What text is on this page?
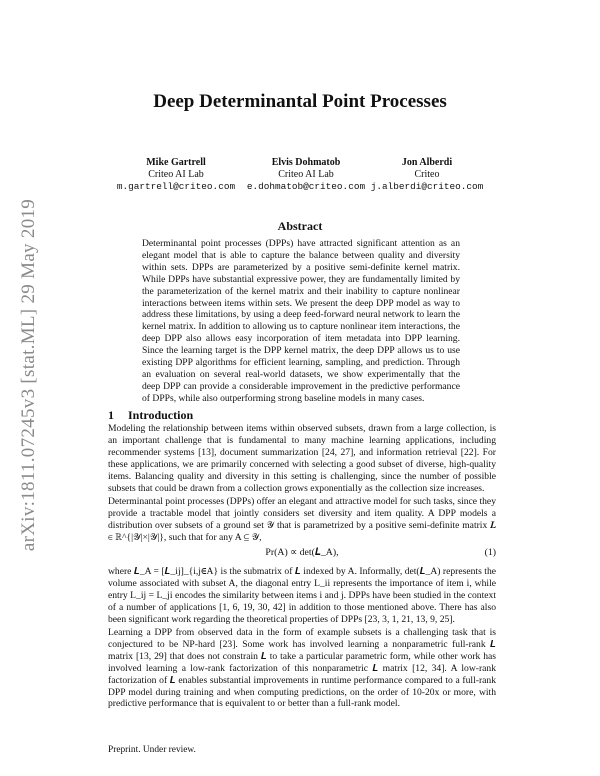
arXiv:1811.07245v3 [stat.ML] 29 May 2019
Deep Determinantal Point Processes
Mike Gartrell
Criteo AI Lab
m.gartrell@criteo.com
Elvis Dohmatob
Criteo AI Lab
e.dohmatob@criteo.com
Jon Alberdi
Criteo
j.alberdi@criteo.com
Abstract
Determinantal point processes (DPPs) have attracted significant attention as an elegant model that is able to capture the balance between quality and diversity within sets. DPPs are parameterized by a positive semi-definite kernel matrix. While DPPs have substantial expressive power, they are fundamentally limited by the parameterization of the kernel matrix and their inability to capture nonlinear interactions between items within sets. We present the deep DPP model as way to address these limitations, by using a deep feed-forward neural network to learn the kernel matrix. In addition to allowing us to capture nonlinear item interactions, the deep DPP also allows easy incorporation of item metadata into DPP learning. Since the learning target is the DPP kernel matrix, the deep DPP allows us to use existing DPP algorithms for efficient learning, sampling, and prediction. Through an evaluation on several real-world datasets, we show experimentally that the deep DPP can provide a considerable improvement in the predictive performance of DPPs, while also outperforming strong baseline models in many cases.
1 Introduction
Modeling the relationship between items within observed subsets, drawn from a large collection, is an important challenge that is fundamental to many machine learning applications, including recommender systems [13], document summarization [24, 27], and information retrieval [22]. For these applications, we are primarily concerned with selecting a good subset of diverse, high-quality items. Balancing quality and diversity in this setting is challenging, since the number of possible subsets that could be drawn from a collection grows exponentially as the collection size increases.
Determinantal point processes (DPPs) offer an elegant and attractive model for such tasks, since they provide a tractable model that jointly considers set diversity and item quality. A DPP models a distribution over subsets of a ground set 𝒴 that is parametrized by a positive semi-definite matrix 𝑳 ∈ ℝ^{|𝒴|×|𝒴|}, such that for any A ⊆ 𝒴,
Pr(A) ∝ det(𝑳_A),	(1)
where 𝑳_A = [𝑳_ij]_{i,j∈A} is the submatrix of 𝑳 indexed by A. Informally, det(𝑳_A) represents the volume associated with subset A, the diagonal entry L_ii represents the importance of item i, while entry L_ij = L_ji encodes the similarity between items i and j. DPPs have been studied in the context of a number of applications [1, 6, 19, 30, 42] in addition to those mentioned above. There has also been significant work regarding the theoretical properties of DPPs [23, 3, 1, 21, 13, 9, 25].
Learning a DPP from observed data in the form of example subsets is a challenging task that is conjectured to be NP-hard [23]. Some work has involved learning a nonparametric full-rank 𝑳 matrix [13, 29] that does not constrain 𝑳 to take a particular parametric form, while other work has involved learning a low-rank factorization of this nonparametric 𝑳 matrix [12, 34]. A low-rank factorization of 𝑳 enables substantial improvements in runtime performance compared to a full-rank DPP model during training and when computing predictions, on the order of 10-20x or more, with predictive performance that is equivalent to or better than a full-rank model.
Preprint. Under review.
